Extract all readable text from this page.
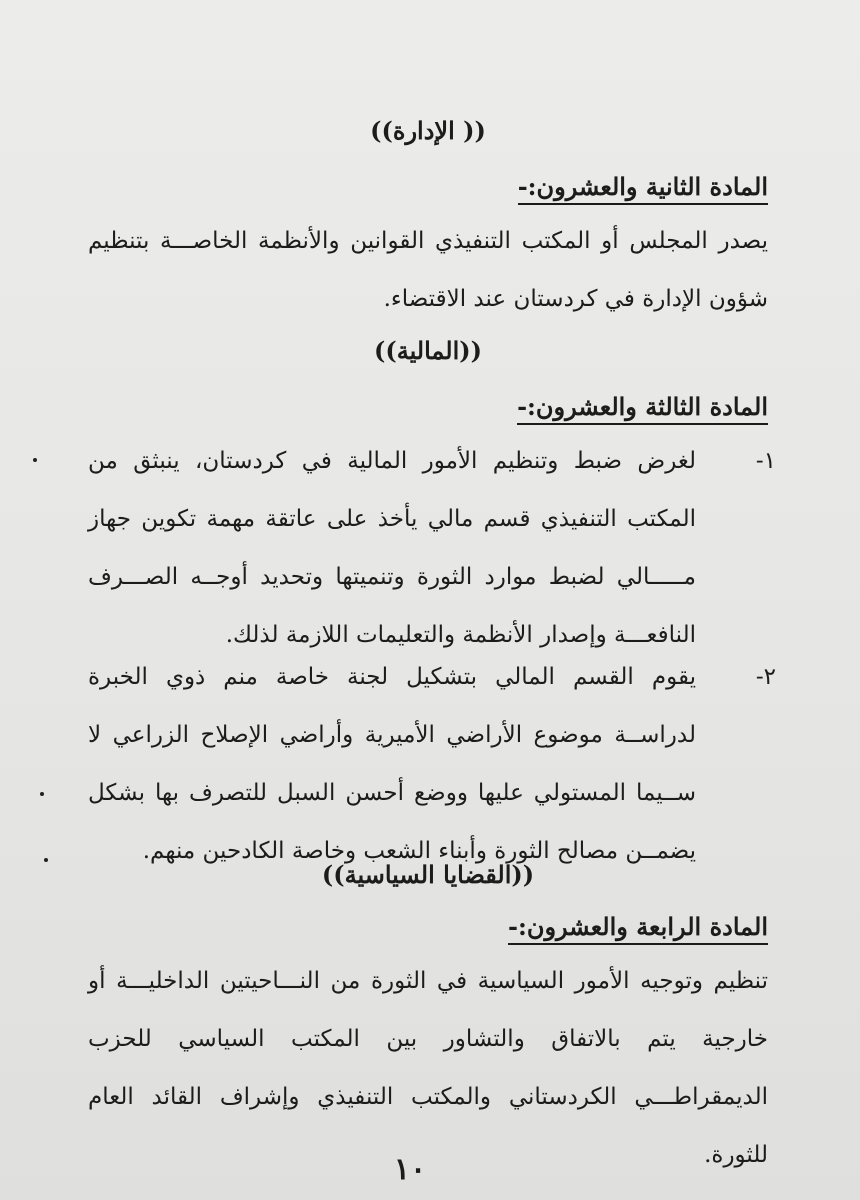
(( الإدارة))
المادة الثانية والعشرون:-
يصدر المجلس أو المكتب التنفيذي القوانين والأنظمة الخاصـــة بتنظيم شؤون الإدارة في كردستان عند الاقتضاء.
((المالية))
المادة الثالثة والعشرون:-
١-
لغرض ضبط وتنظيم الأمور المالية في كردستان، ينبثق من المكتب التنفيذي قسم مالي يأخذ على عاتقة مهمة تكوين جهاز مـــــالي لضبط موارد الثورة وتنميتها وتحديد أوجــه الصـــرف النافعـــة وإصدار الأنظمة والتعليمات اللازمة لذلك.
٢-
يقوم القسم المالي بتشكيل لجنة خاصة منم ذوي الخبرة لدراســة موضوع الأراضي الأميرية وأراضي الإصلاح الزراعي لا ســيما المستولي عليها ووضع أحسن السبل للتصرف بها بشكل يضمــن مصالح الثورة وأبناء الشعب وخاصة الكادحين منهم.
((القضايا السياسية))
المادة الرابعة والعشرون:-
تنظيم وتوجيه الأمور السياسية في الثورة من النـــاحيتين الداخليـــة أو خارجية يتم بالاتفاق والتشاور بين المكتب السياسي للحزب الديمقراطـــي الكردستاني والمكتب التنفيذي وإشراف القائد العام للثورة.
١٠
